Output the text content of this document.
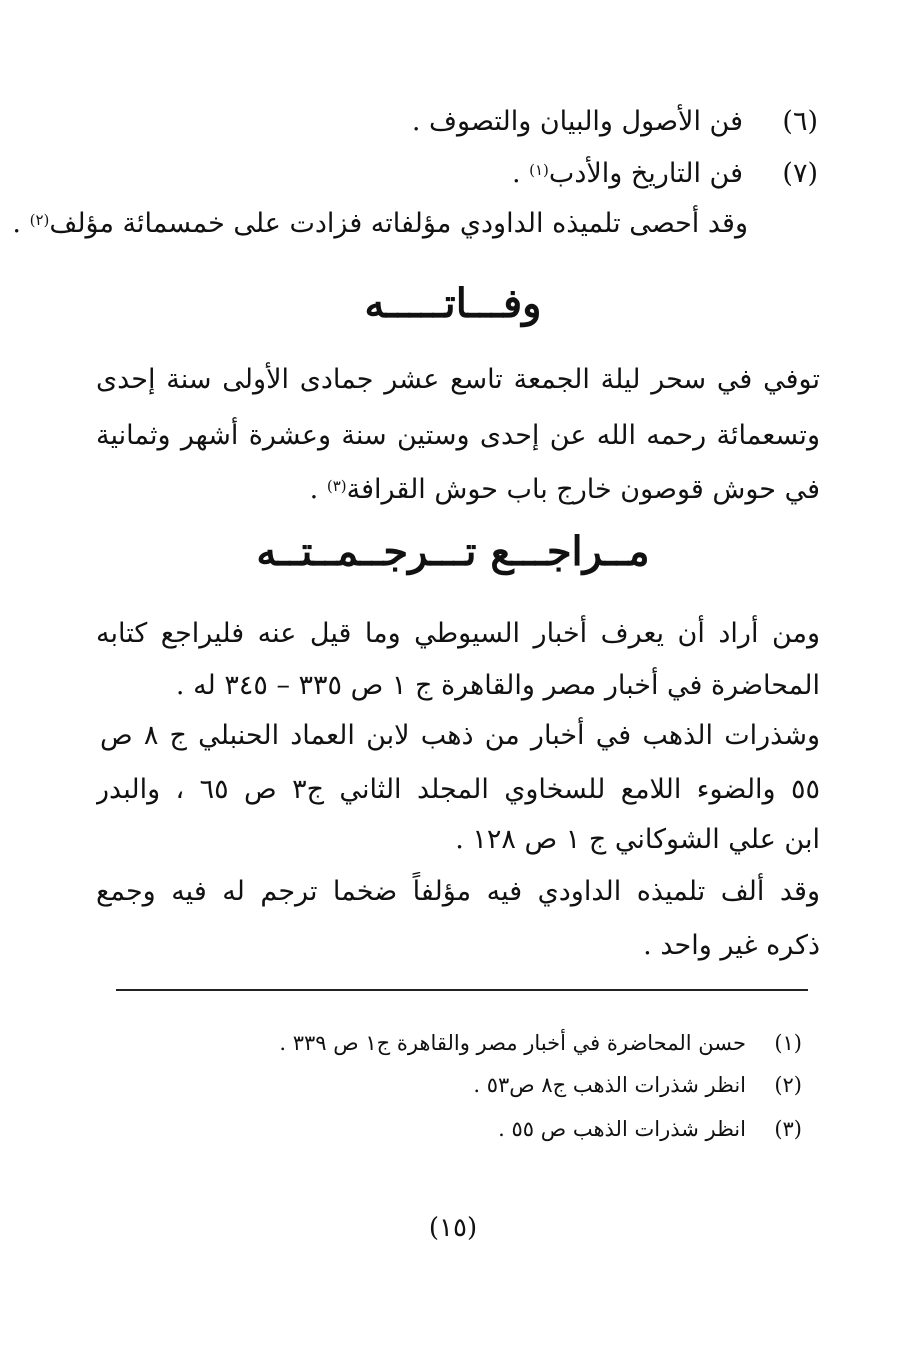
(٦)
فن الأصول والبيان والتصوف .
(٧)
فن التاريخ والأدب$^{(١)}$ .
وقد أحصى تلميذه الداودي مؤلفاته فزادت على خمسمائة مؤلف$^{(٢)}$ .
وفـــاتـــــه
توفي في سحر ليلة الجمعة تاسع عشر جمادى الأولى سنة إحدى
وتسعمائة رحمه الله عن إحدى وستين سنة وعشرة أشهر وثمانية
في حوش قوصون خارج باب حوش القرافة$^{(٣)}$ .
مــراجـــع تـــرجــمــتــه
ومن أراد أن يعرف أخبار السيوطي وما قيل عنه فليراجع كتابه
المحاضرة في أخبار مصر والقاهرة ج ١ ص ٣٣٥ – ٣٤٥ له .
وشذرات الذهب في أخبار من ذهب لابن العماد الحنبلي ج ٨ ص
٥٥ والضوء اللامع للسخاوي المجلد الثاني ج٣ ص ٦٥ ، والبدر
ابن علي الشوكاني ج ١ ص ١٢٨ .
وقد ألف تلميذه الداودي فيه مؤلفاً ضخما ترجم له فيه وجمع
ذكره غير واحد .
(١)
حسن المحاضرة في أخبار مصر والقاهرة ج١ ص ٣٣٩ .
(٢)
انظر شذرات الذهب ج٨ ص٥٣ .
(٣)
انظر شذرات الذهب ص ٥٥ .
(١٥)
